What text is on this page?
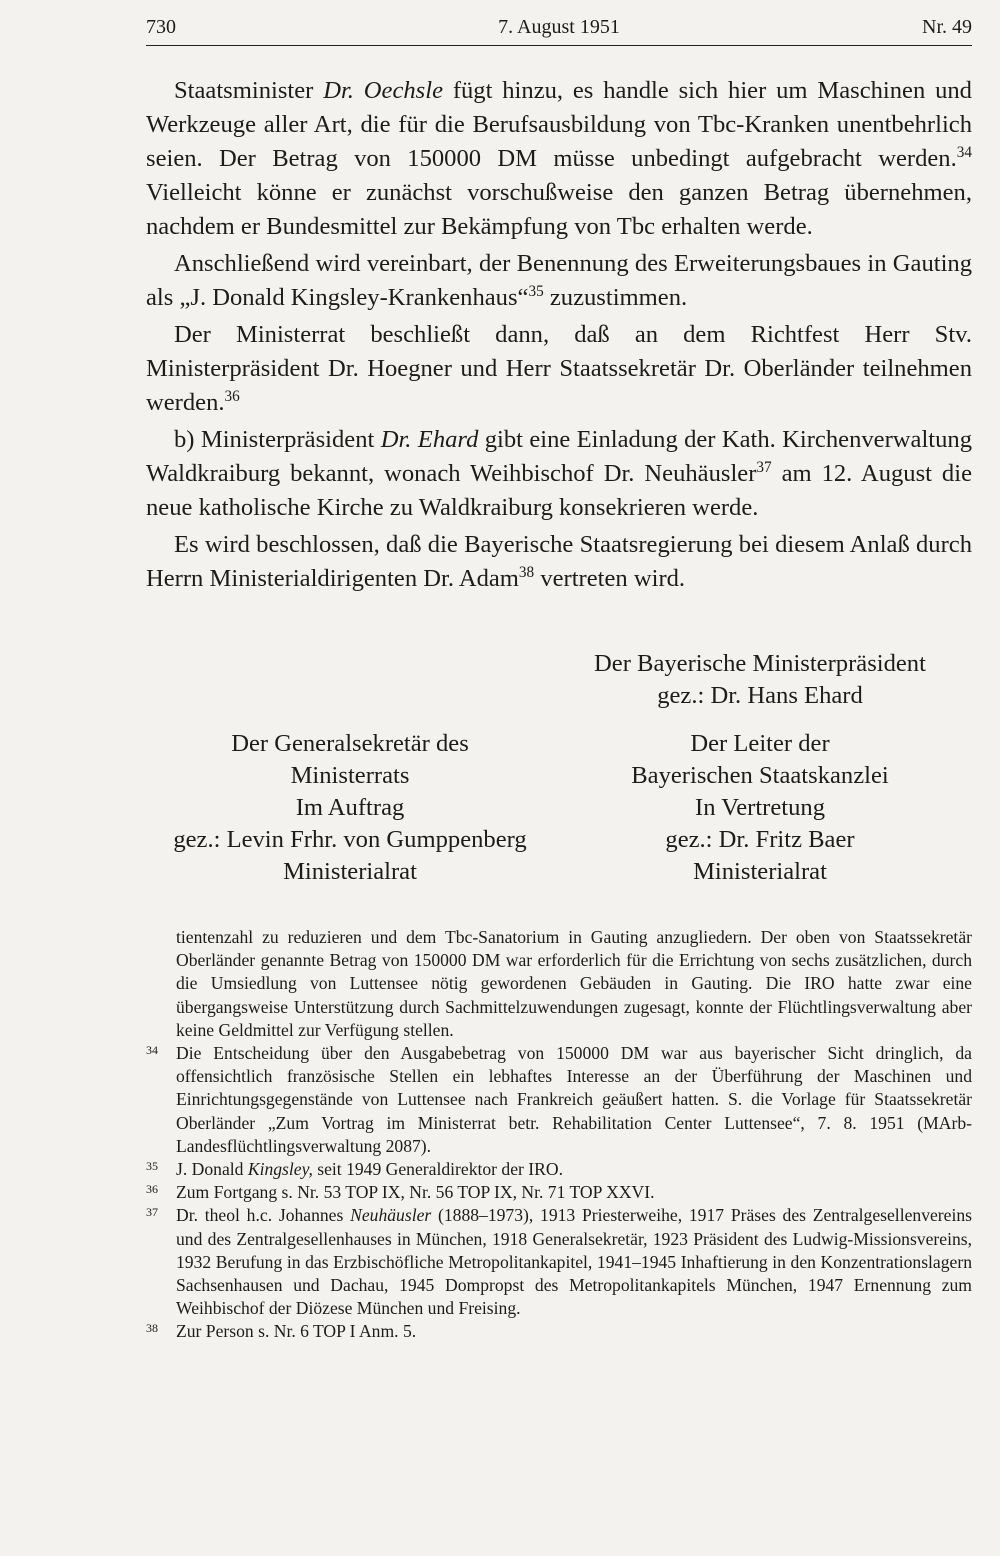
7. August 1951
730	Nr. 49

Staatsminister Dr. Oechsle fügt hinzu, es handle sich hier um Maschinen und Werkzeuge aller Art, die für die Berufsausbildung von Tbc-Kranken unentbehrlich seien. Der Betrag von 150000 DM müsse unbedingt aufgebracht werden.$^{34}$ Vielleicht könne er zunächst vorschußweise den ganzen Betrag übernehmen, nachdem er Bundesmittel zur Bekämpfung von Tbc erhalten werde.

Anschließend wird vereinbart, der Benennung des Erweiterungsbaues in Gauting als „J. Donald Kingsley-Krankenhaus“$^{35}$ zuzustimmen.

Der Ministerrat beschließt dann, daß an dem Richtfest Herr Stv. Ministerpräsident Dr. Hoegner und Herr Staatssekretär Dr. Oberländer teilnehmen werden.$^{36}$

b) Ministerpräsident Dr. Ehard gibt eine Einladung der Kath. Kirchenverwaltung Waldkraiburg bekannt, wonach Weihbischof Dr. Neuhäusler$^{37}$ am 12. August die neue katholische Kirche zu Waldkraiburg konsekrieren werde.

Es wird beschlossen, daß die Bayerische Staatsregierung bei diesem Anlaß durch Herrn Ministerialdirigenten Dr. Adam$^{38}$ vertreten wird.

Der Bayerische Ministerpräsident
gez.: Dr. Hans Ehard
Der Generalsekretär des
Ministerrats
Im Auftrag
gez.: Levin Frhr. von Gumppenberg
Ministerialrat
Der Leiter der
Bayerischen Staatskanzlei
In Vertretung
gez.: Dr. Fritz Baer
Ministerialrat

tientenzahl zu reduzieren und dem Tbc-Sanatorium in Gauting anzugliedern. Der oben von Staatssekretär Oberländer genannte Betrag von 150000 DM war erforderlich für die Errichtung von sechs zusätzlichen, durch die Umsiedlung von Luttensee nötig gewordenen Gebäuden in Gauting. Die IRO hatte zwar eine übergangsweise Unterstützung durch Sachmittelzuwendungen zugesagt, konnte der Flüchtlingsverwaltung aber keine Geldmittel zur Verfügung stellen.

34 Die Entscheidung über den Ausgabebetrag von 150000 DM war aus bayerischer Sicht dringlich, da offensichtlich französische Stellen ein lebhaftes Interesse an der Überführung der Maschinen und Einrichtungsgegenstände von Luttensee nach Frankreich geäußert hatten. S. die Vorlage für Staatssekretär Oberländer „Zum Vortrag im Ministerrat betr. Rehabilitation Center Luttensee“, 7. 8. 1951 (MArb-Landesflüchtlingsverwaltung 2087).

35 J. Donald Kingsley, seit 1949 Generaldirektor der IRO.

36 Zum Fortgang s. Nr. 53 TOP IX, Nr. 56 TOP IX, Nr. 71 TOP XXVI.

37 Dr. theol h.c. Johannes Neuhäusler (1888–1973), 1913 Priesterweihe, 1917 Präses des Zentralgesellenvereins und des Zentralgesellenhauses in München, 1918 Generalsekretär, 1923 Präsident des Ludwig-Missionsvereins, 1932 Berufung in das Erzbischöfliche Metropolitankapitel, 1941–1945 Inhaftierung in den Konzentrationslagern Sachsenhausen und Dachau, 1945 Dompropst des Metropolitankapitels München, 1947 Ernennung zum Weihbischof der Diözese München und Freising.

38 Zur Person s. Nr. 6 TOP I Anm. 5.
